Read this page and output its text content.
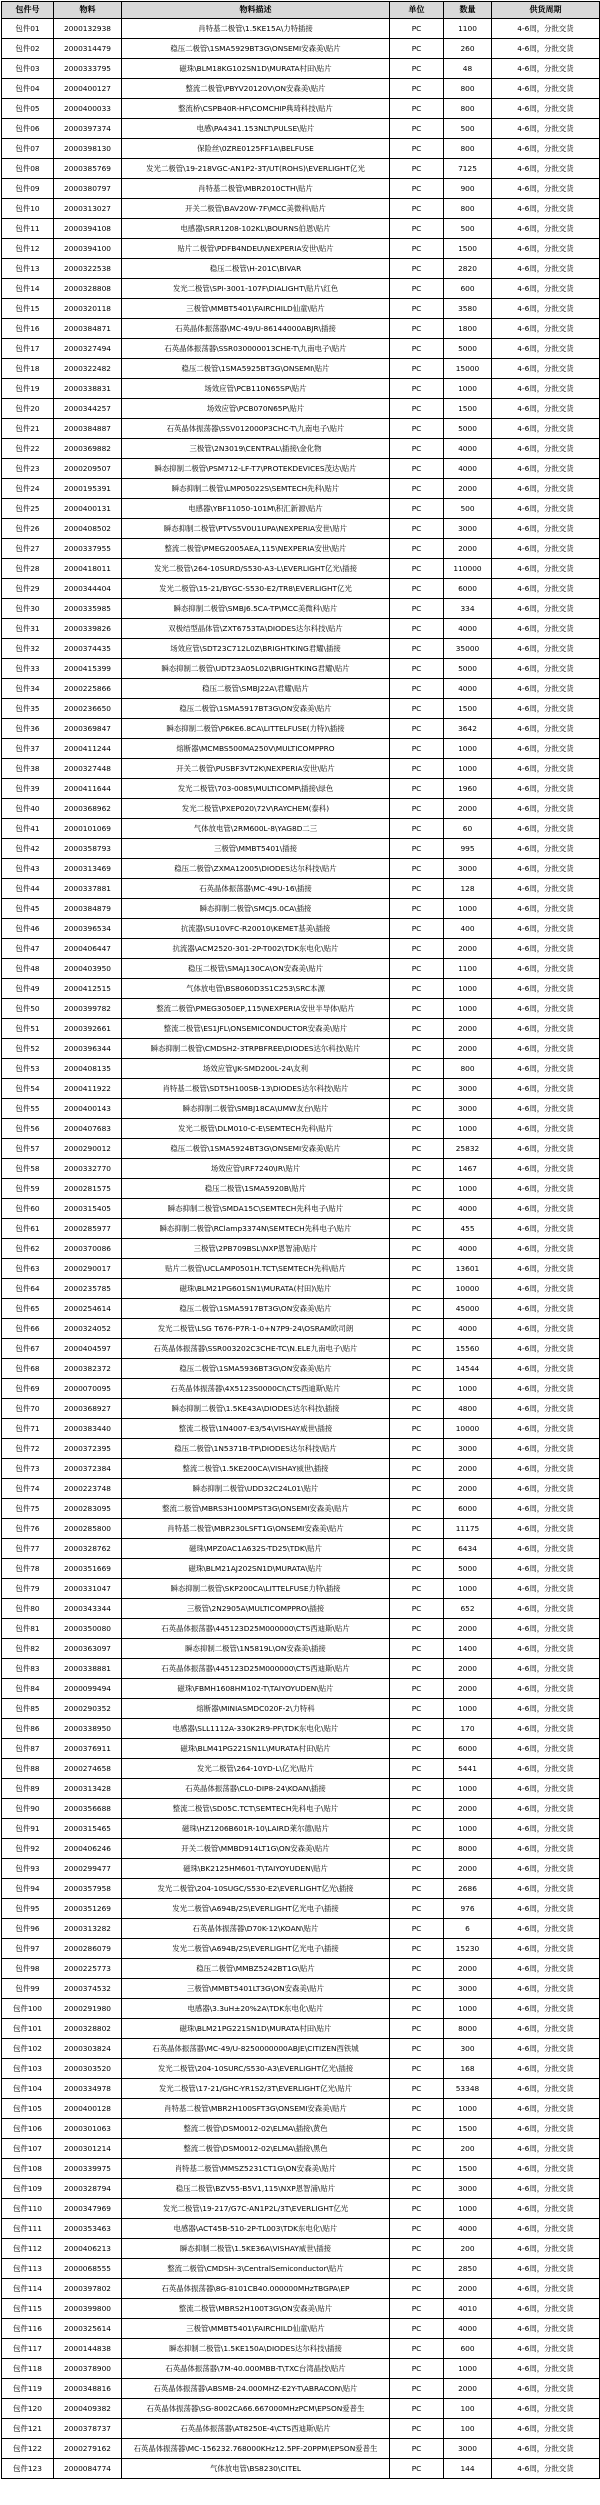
包件号	物料	物料描述	单位	数量	供货周期
包件01	2000132938	肖特基二极管\1.5KE15A\力特插接	PC	1100	4-6周，分批交货
包件02	2000314479	稳压二极管\1SMA5929BT3G\ONSEMI安森美\贴片	PC	260	4-6周，分批交货
包件03	2000333795	磁珠\BLM18KG102SN1D\MURATA村田\贴片	PC	48	4-6周，分批交货
包件04	2000400127	整流二极管\PBYV20120V\ON安森美\贴片	PC	800	4-6周，分批交货
包件05	2000400033	整流桥\CSPB40R-HF\COMCHIP典琦科技\贴片	PC	800	4-6周，分批交货
包件06	2000397374	电感\PA4341.153NLT\PULSE\贴片	PC	500	4-6周，分批交货
包件07	2000398130	保险丝\0ZRE0125FF1A\BELFUSE	PC	800	4-6周，分批交货
包件08	2000385769	发光二极管\19-218VGC-AN1P2-3T/UT(ROHS)\EVERLIGHT亿光	PC	7125	4-6周，分批交货
包件09	2000380797	肖特基二极管\MBR2010CTH\贴片	PC	900	4-6周，分批交货
包件10	2000313027	开关二极管\BAV20W-7F\MCC美微科\贴片	PC	800	4-6周，分批交货
包件11	2000394108	电感器\SRR1208-102KL\BOURNS伯恩\贴片	PC	500	4-6周，分批交货
包件12	2000394100	贴片二极管\PDFB4NDEU\NEXPERIA安世\贴片	PC	1500	4-6周，分批交货
包件13	2000322538	稳压二极管\H-201C\BIVAR	PC	2820	4-6周，分批交货
包件14	2000328808	发光二极管\SPI-3001-107F\DIALIGHT\贴片\红色	PC	600	4-6周，分批交货
包件15	2000320118	三极管\MMBT5401\FAIRCHILD仙童\贴片	PC	3580	4-6周，分批交货
包件16	2000384871	石英晶体振荡器\MC-49/U-86144000ABJR\插接	PC	1800	4-6周，分批交货
包件17	2000327494	石英晶体振荡器\SSR030000013CHE-T\九南电子\贴片	PC	5000	4-6周，分批交货
包件18	2000322482	稳压二极管\1SMA5925BT3G\ONSEMI\贴片	PC	15000	4-6周，分批交货
包件19	2000338831	场效应管\PCB110N65SP\贴片	PC	1000	4-6周，分批交货
包件20	2000344257	场效应管\PCB070N65P\贴片	PC	1500	4-6周，分批交货
包件21	2000384887	石英晶体振荡器\SSV012000P3CHC-T\九南电子\贴片	PC	5000	4-6周，分批交货
包件22	2000369882	三极管\2N3019\CENTRAL\插接\金化物	PC	4000	4-6周，分批交货
包件23	2000209507	瞬态抑制二极管\PSM712-LF-T7\PROTEKDEVICES茂达\贴片	PC	4000	4-6周，分批交货
包件24	2000195391	瞬态抑制二极管\LMP05022S\SEMTECH先科\贴片	PC	2000	4-6周，分批交货
包件25	2000400131	电感器\YBF11050-101M\积汇新源\贴片	PC	500	4-6周，分批交货
包件26	2000408502	瞬态抑制二极管\PTVS5V0U1UPA\NEXPERIA安世\贴片	PC	3000	4-6周，分批交货
包件27	2000337955	整流二极管\PMEG2005AEA,115\NEXPERIA安世\贴片	PC	2000	4-6周，分批交货
包件28	2000418011	发光二极管\264-10SURD/S530-A3-L\EVERLIGHT亿光\插接	PC	110000	4-6周，分批交货
包件29	2000344404	发光二极管\15-21/BYGC-S530-E2/TR8\EVERLIGHT亿光	PC	6000	4-6周，分批交货
包件30	2000335985	瞬态抑制二极管\SMBJ6.5CA-TP\MCC美微科\贴片	PC	334	4-6周，分批交货
包件31	2000339826	双极结型晶体管\ZXT6753TA\DIODES达尔科技\贴片	PC	4000	4-6周，分批交货
包件32	2000374435	场效应管\SDT23C712L0Z\BRIGHTKING君耀\插接	PC	35000	4-6周，分批交货
包件33	2000415399	瞬态抑制二极管\UDT23A05L02\BRIGHTKING君耀\贴片	PC	5000	4-6周，分批交货
包件34	2000225866	稳压二极管\SMBJ22A\君耀\贴片	PC	4000	4-6周，分批交货
包件35	2000236650	稳压二极管\1SMA5917BT3G\ON安森美\贴片	PC	1500	4-6周，分批交货
包件36	2000369847	瞬态抑制二极管\P6KE6.8CA\LITTELFUSE(力特)\插接	PC	3642	4-6周，分批交货
包件37	2000411244	熔断器\MCMBS500MA250V\MULTICOMPPRO	PC	1000	4-6周，分批交货
包件38	2000327448	开关二极管\PUSBF3VT2K\NEXPERIA安世\贴片	PC	1000	4-6周，分批交货
包件39	2000411644	发光二极管\703-0085\MULTICOMP\插接\绿色	PC	1960	4-6周，分批交货
包件40	2000368962	发光二极管\PXEP020\72V\RAYCHEM(泰科)	PC	2000	4-6周，分批交货
包件41	2000101069	气体放电管\2RM600L-8\YAG8D二三	PC	60	4-6周，分批交货
包件42	2000358793	三极管\MMBT5401\插接	PC	995	4-6周，分批交货
包件43	2000313469	稳压二极管\ZXMA12005\DIODES达尔科技\贴片	PC	3000	4-6周，分批交货
包件44	2000337881	石英晶体振荡器\MC-49U-16\插接	PC	128	4-6周，分批交货
包件45	2000384879	瞬态抑制二极管\SMCJ5.0CA\插接	PC	1000	4-6周，分批交货
包件46	2000396534	抗流器\SU10VFC-R20010\KEMET基美\插接	PC	400	4-6周，分批交货
包件47	2000406447	抗流器\ACM2520-301-2P-T002\TDK东电化\贴片	PC	2000	4-6周，分批交货
包件48	2000403950	稳压二极管\SMAJ130CA\ON安森美\贴片	PC	1100	4-6周，分批交货
包件49	2000412515	气体放电管\BS8060D3S1C253\SRC本源	PC	1000	4-6周，分批交货
包件50	2000399782	整流二极管\PMEG3050EP,115\NEXPERIA安世半导体\贴片	PC	1000	4-6周，分批交货
包件51	2000392661	整流二极管\ES1JFL\ONSEMICONDUCTOR安森美\贴片	PC	2000	4-6周，分批交货
包件52	2000396344	瞬态抑制二极管\CMDSH2-3TRPBFREE\DIODES达尔科技\贴片	PC	2000	4-6周，分批交货
包件53	2000408135	场效应管\JK-SMD200L-24\友利	PC	800	4-6周，分批交货
包件54	2000411922	肖特基二极管\SDT5H100SB-13\DIODES达尔科技\贴片	PC	3000	4-6周，分批交货
包件55	2000400143	瞬态抑制二极管\SMBJ18CA\UMW友台\贴片	PC	3000	4-6周，分批交货
包件56	2000407683	发光二极管\DLM010-C-E\SEMTECH先科\贴片	PC	1000	4-6周，分批交货
包件57	2000290012	稳压二极管\1SMA5924BT3G\ONSEMI安森美\贴片	PC	25832	4-6周，分批交货
包件58	2000332770	场效应管\IRF7240\IR\贴片	PC	1467	4-6周，分批交货
包件59	2000281575	稳压二极管\1SMA5920B\贴片	PC	1000	4-6周，分批交货
包件60	2000315405	瞬态抑制二极管\SMDA15C\SEMTECH先科电子\贴片	PC	4000	4-6周，分批交货
包件61	2000285977	瞬态抑制二极管\RClamp3374N\SEMTECH先科电子\贴片	PC	455	4-6周，分批交货
包件62	2000370086	三极管\2PB709BSL\NXP恩智浦\贴片	PC	4000	4-6周，分批交货
包件63	2000290017	贴片二极管\UCLAMP0501H.TCT\SEMTECH先科\贴片	PC	13601	4-6周，分批交货
包件64	2000235785	磁珠\BLM21PG601SN1\MURATA(村田)\贴片	PC	10000	4-6周，分批交货
包件65	2000254614	稳压二极管\1SMA5917BT3G\ON安森美\贴片	PC	45000	4-6周，分批交货
包件66	2000324052	发光二极管\LSG T676-P7R-1-0+N7P9-24\OSRAM欧司朗	PC	4000	4-6周，分批交货
包件67	2000404597	石英晶体振荡器\SSR003202C3CHE-TC\N.ELE九南电子\贴片	PC	15560	4-6周，分批交货
包件68	2000382372	稳压二极管\1SMA5936BT3G\ON安森美\贴片	PC	14544	4-6周，分批交货
包件69	2000070095	石英晶体振荡器\4X5123S0000CI\CTS西迪斯\贴片	PC	1000	4-6周，分批交货
包件70	2000368927	瞬态抑制二极管\1.5KE43A\DIODES达尔科技\插接	PC	4800	4-6周，分批交货
包件71	2000383440	整流二极管\1N4007-E3/54\VISHAY威世\插接	PC	10000	4-6周，分批交货
包件72	2000372395	稳压二极管\1N5371B-TP\DIODES达尔科技\贴片	PC	3000	4-6周，分批交货
包件73	2000372384	整流二极管\1.5KE200CA\VISHAY威世\插接	PC	2000	4-6周，分批交货
包件74	2000223748	瞬态抑制二极管\UDD32C24L01\贴片	PC	2000	4-6周，分批交货
包件75	2000283095	整流二极管\MBRS3H100MPST3G\ONSEMI安森美\贴片	PC	6000	4-6周，分批交货
包件76	2000285800	肖特基二极管\MBR230LSFT1G\ONSEMI安森美\贴片	PC	11175	4-6周，分批交货
包件77	2000328762	磁珠\MPZ0AC1A632S-TD25\TDK\贴片	PC	6434	4-6周，分批交货
包件78	2000351669	磁珠\BLM21AJ202SN1D\MURATA\贴片	PC	5000	4-6周，分批交货
包件79	2000331047	瞬态抑制二极管\SKP200CA\LITTELFUSE力特\插接	PC	1000	4-6周，分批交货
包件80	2000343344	三极管\2N2905A\MULTICOMPPRO\插接	PC	652	4-6周，分批交货
包件81	2000350080	石英晶体振荡器\445123D25M000000\CTS西迪斯\贴片	PC	2000	4-6周，分批交货
包件82	2000363097	瞬态抑制二极管\1N5819L\ON安森美\插接	PC	1400	4-6周，分批交货
包件83	2000338881	石英晶体振荡器\445123D25M000000\CTS西迪斯\贴片	PC	2000	4-6周，分批交货
包件84	2000099494	磁珠\FBMH1608HM102-T\TAIYOYUDEN\贴片	PC	2000	4-6周，分批交货
包件85	2000290352	熔断器\MINIASMDC020F-2\力特科	PC	1000	4-6周，分批交货
包件86	2000338950	电感器\SLL1112A-330K2R9-PF\TDK东电化\贴片	PC	170	4-6周，分批交货
包件87	2000376911	磁珠\BLM41PG221SN1L\MURATA村田\贴片	PC	6000	4-6周，分批交货
包件88	2000274658	发光二极管\264-10YD-L\亿光\贴片	PC	5441	4-6周，分批交货
包件89	2000313428	石英晶体振荡器\CL0-DIP8-24\KOAN\插接	PC	1000	4-6周，分批交货
包件90	2000356688	整流二极管\SD05C.TCT\SEMTECH先科电子\贴片	PC	2000	4-6周，分批交货
包件91	2000315465	磁珠\HZ1206B601R-10\LAIRD莱尔德\贴片	PC	1000	4-6周，分批交货
包件92	2000406246	开关二极管\MMBD914LT1G\ON安森美\贴片	PC	8000	4-6周，分批交货
包件93	2000299477	磁珠\BK2125HM601-T\TAIYOYUDEN\贴片	PC	2000	4-6周，分批交货
包件94	2000357958	发光二极管\204-10SUGC/S530-E2\EVERLIGHT亿光\插接	PC	2686	4-6周，分批交货
包件95	2000351269	发光二极管\A694B/2S\EVERLIGHT亿光电子\插接	PC	976	4-6周，分批交货
包件96	2000313282	石英晶体振荡器\D70K-12\KOAN\贴片	PC	6	4-6周，分批交货
包件97	2000286079	发光二极管\A694B/2S\EVERLIGHT亿光电子\插接	PC	15230	4-6周，分批交货
包件98	2000225773	稳压二极管\MMBZ5242BT1G\贴片	PC	2000	4-6周，分批交货
包件99	2000374532	三极管\MMBT5401LT3G\ON安森美\贴片	PC	3000	4-6周，分批交货
包件100	2000291980	电感器\3.3uH±20%2A\TDK东电化\贴片	PC	1000	4-6周，分批交货
包件101	2000328802	磁珠\BLM21PG221SN1D\MURATA村田\贴片	PC	8000	4-6周，分批交货
包件102	2000303824	石英晶体振荡器\MC-49/U-8250000000ABJE\CITIZEN西铁城	PC	300	4-6周，分批交货
包件103	2000303520	发光二极管\204-10SURC/S530-A3\EVERLIGHT亿光\插接	PC	168	4-6周，分批交货
包件104	2000334978	发光二极管\17-21/GHC-YR1S2/3T\EVERLIGHT亿光\贴片	PC	53348	4-6周，分批交货
包件105	2000400128	肖特基二极管\MBR2H100SFT3G\ONSEMI安森美\贴片	PC	1000	4-6周，分批交货
包件106	2000301063	整流二极管\DSM0012-02\ELMA\插接\黄色	PC	1500	4-6周，分批交货
包件107	2000301214	整流二极管\DSM0012-02\ELMA\插接\黑色	PC	200	4-6周，分批交货
包件108	2000339975	肖特基二极管\MMSZ5231CT1G\ON安森美\贴片	PC	1500	4-6周，分批交货
包件109	2000328794	稳压二极管\BZV55-B5V1,115\NXP恩智浦\贴片	PC	3000	4-6周，分批交货
包件110	2000347969	发光二极管\19-217/G7C-AN1P2L/3T\EVERLIGHT亿光	PC	1000	4-6周，分批交货
包件111	2000353463	电感器\ACT45B-510-2P-TL003\TDK东电化\贴片	PC	4000	4-6周，分批交货
包件112	2000406213	瞬态抑制二极管\1.5KE36A\VISHAY威世\插接	PC	200	4-6周，分批交货
包件113	2000068555	整流二极管\CMDSH-3\CentralSemiconductor\贴片	PC	2850	4-6周，分批交货
包件114	2000397802	石英晶体振荡器\8G-8101CB40.000000MHzTBGPA\EP	PC	2000	4-6周，分批交货
包件115	2000399800	整流二极管\MBRS2H100T3G\ON安森美\贴片	PC	4010	4-6周，分批交货
包件116	2000325614	三极管\MMBT5401\FAIRCHILD仙童\贴片	PC	4000	4-6周，分批交货
包件117	2000144838	瞬态抑制二极管\1.5KE150A\DIODES达尔科技\插接	PC	600	4-6周，分批交货
包件118	2000378900	石英晶体振荡器\7M-40.000MBB-T\TXC台湾晶技\贴片	PC	1000	4-6周，分批交货
包件119	2000348816	石英晶体振荡器\ABSMB-24.000MHZ-E2Y-T\ABRACON\贴片	PC	2000	4-6周，分批交货
包件120	2000409382	石英晶体振荡器\SG-8002CA66.667000MHzPCM\EPSON爱普生	PC	100	4-6周，分批交货
包件121	2000378737	石英晶体振荡器\AT8250E-4\CTS西迪斯\贴片	PC	100	4-6周，分批交货
包件122	2000279162	石英晶体振荡器\MC-156232.768000KHz12.5PF-20PPM\EPSON爱普生	PC	3000	4-6周，分批交货
包件123	2000084774	气体放电管\BS8230\CITEL	PC	144	4-6周，分批交货
